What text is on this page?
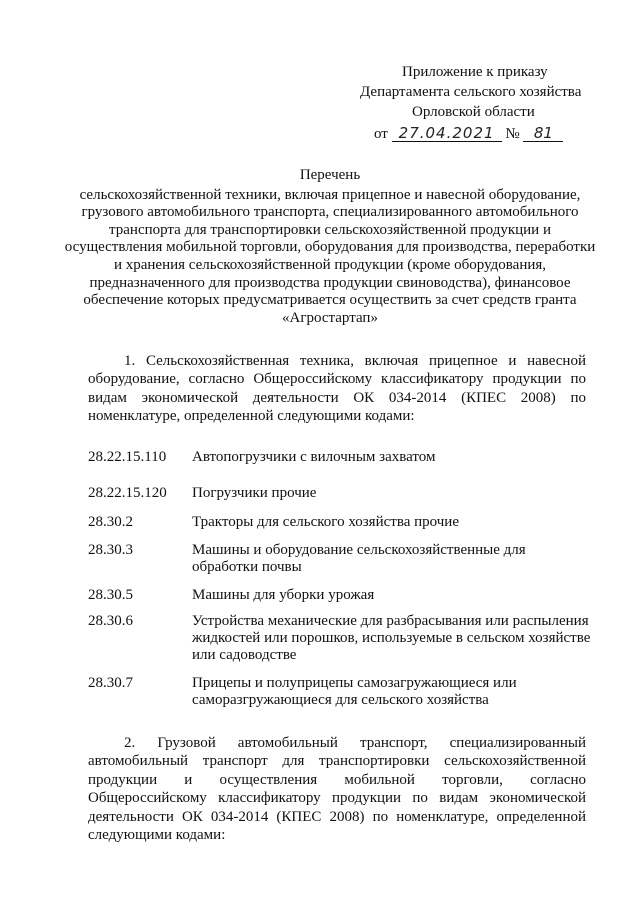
Приложение к приказу
Департамента сельского хозяйства
Орловской области
от 27.04.2021 № 81
Перечень
сельскохозяйственной техники, включая прицепное и навесной оборудование, грузового автомобильного транспорта, специализированного автомобильного транспорта для транспортировки сельскохозяйственной продукции и осуществления мобильной торговли, оборудования для производства, переработки и хранения сельскохозяйственной продукции (кроме оборудования, предназначенного для производства продукции свиноводства), финансовое обеспечение которых предусматривается осуществить за счет средств гранта «Агростартап»
1. Сельскохозяйственная техника, включая прицепное и навесной оборудование, согласно Общероссийскому классификатору продукции по видам экономической деятельности ОК 034-2014 (КПЕС 2008) по номенклатуре, определенной следующими кодами:
28.22.15.110	Автопогрузчики с вилочным захватом
28.22.15.120	Погрузчики прочие
28.30.2	Тракторы для сельского хозяйства прочие
28.30.3	Машины и оборудование сельскохозяйственные для обработки почвы
28.30.5	Машины для уборки урожая
28.30.6	Устройства механические для разбрасывания или распыления жидкостей или порошков, используемые в сельском хозяйстве или садоводстве
28.30.7	Прицепы и полуприцепы самозагружающиеся или саморазгружающиеся для сельского хозяйства
2. Грузовой автомобильный транспорт, специализированный автомобильный транспорт для транспортировки сельскохозяйственной продукции и осуществления мобильной торговли, согласно Общероссийскому классификатору продукции по видам экономической деятельности ОК 034-2014 (КПЕС 2008) по номенклатуре, определенной следующими кодами:
